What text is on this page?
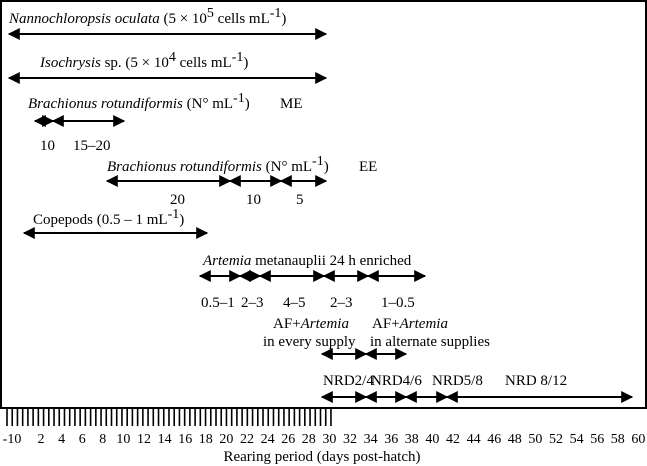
Nannochloropsis oculata (5 × 105 cells mL-1)
Isochrysis sp. (5 × 104 cells mL-1)
Brachionus rotundiformis (N° mL-1) ME
10 15–20
Brachionus rotundiformis (N° mL-1) EE
20	10 5
Copepods (0.5 – 1 mL-1)
Artemia metanauplii 24 h enriched
0.5–1 2–3 4–5 2–3 1–0.5
AF+Artemia
in every supply
AF+Artemia
in alternate supplies
NRD2/4
NRD4/6 NRD5/8 NRD 8/12
-10 2 4 6 8 10 12 14 16 18 20 22 24 26 28 30 32 34 36 38 40 42 44 46 48 50 52 54 56 58 60
Rearing period (days post-hatch)
